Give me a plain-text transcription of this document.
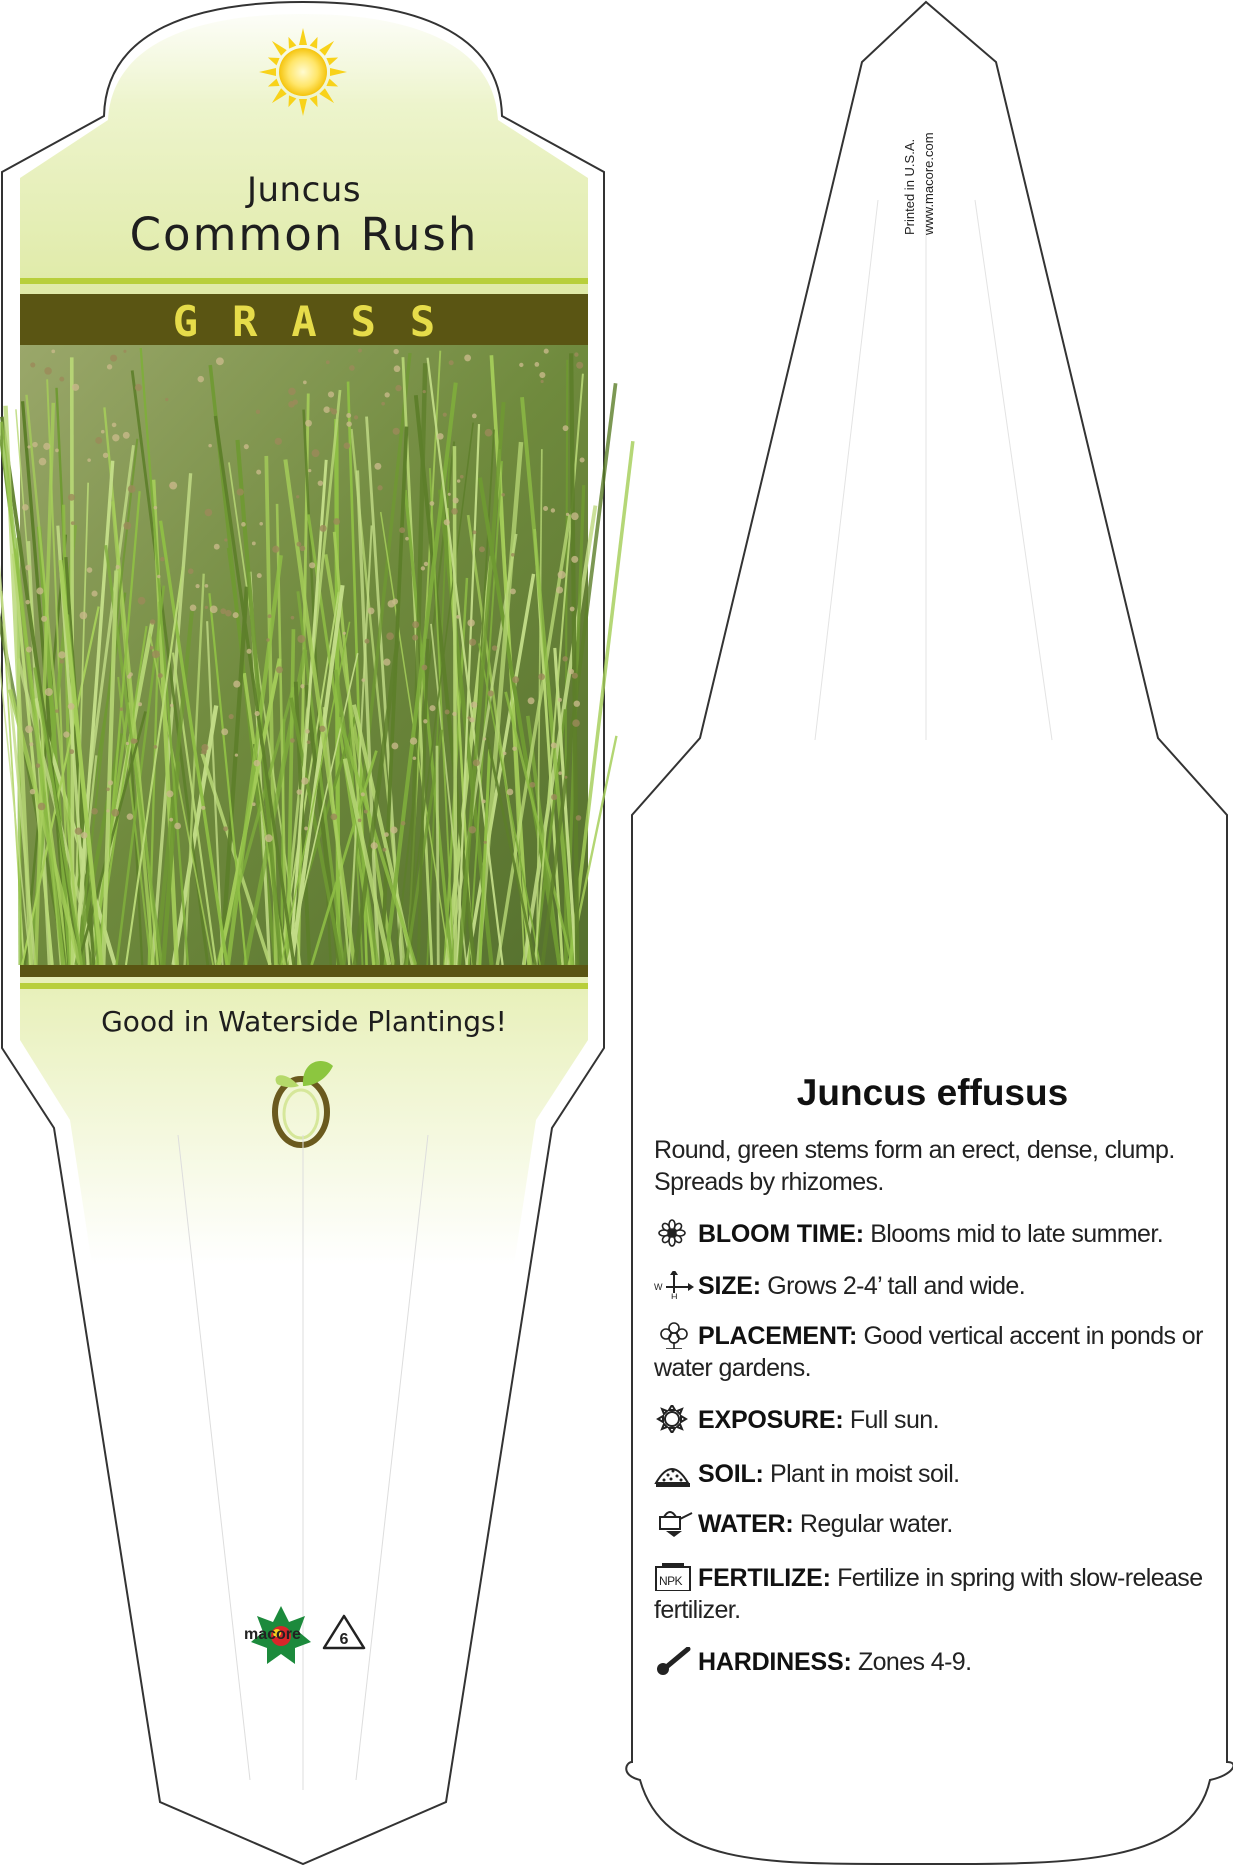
Juncus
Common Rush
GRASS
Good in Waterside Plantings!
macore 6
Printed in U.S.A. www.macore.com
Juncus effusus
Round, green stems form an erect, dense, clump. Spreads by rhizomes.
BLOOM TIME: Blooms mid to late summer.
W
H SIZE: Grows 2-4’ tall and wide.
PLACEMENT: Good vertical accent in ponds or water gardens.
EXPOSURE: Full sun.
SOIL: Plant in moist soil.
WATER: Regular water.
NPK FERTILIZE: Fertilize in spring with slow-release fertilizer.
HARDINESS: Zones 4-9.
